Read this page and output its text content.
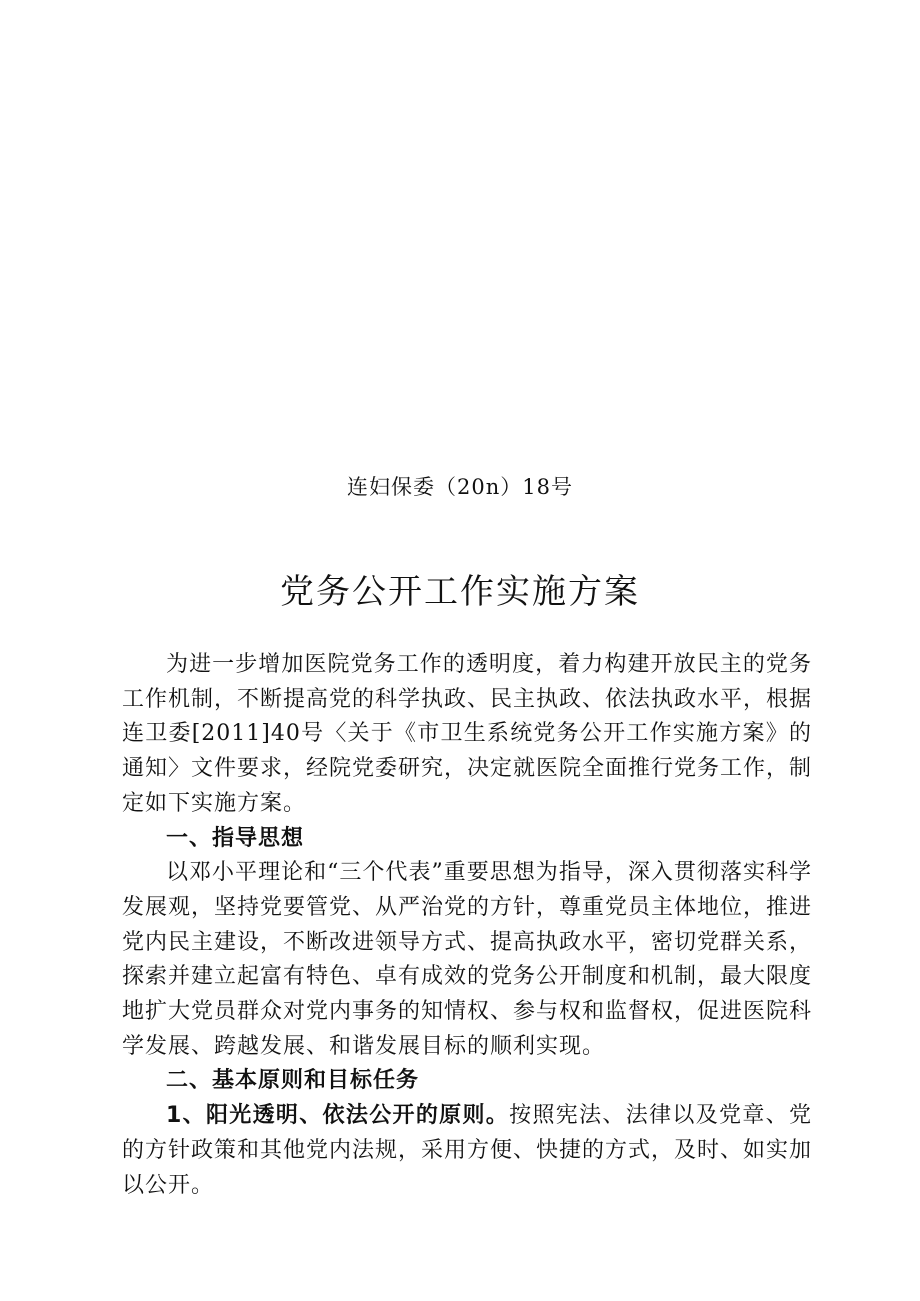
连妇保委（20n）18号
党务公开工作实施方案

为进一步增加医院党务工作的透明度，着力构建开放民主的党务工作机制，不断提高党的科学执政、民主执政、依法执政水平，根据连卫委[2011]40号〈关于《市卫生系统党务公开工作实施方案》的通知〉文件要求，经院党委研究，决定就医院全面推行党务工作，制定如下实施方案。

一、指导思想

以邓小平理论和“三个代表”重要思想为指导，深入贯彻落实科学发展观，坚持党要管党、从严治党的方针，尊重党员主体地位，推进党内民主建设，不断改进领导方式、提高执政水平，密切党群关系，探索并建立起富有特色、卓有成效的党务公开制度和机制，最大限度地扩大党员群众对党内事务的知情权、参与权和监督权，促进医院科学发展、跨越发展、和谐发展目标的顺利实现。

二、基本原则和目标任务

1、阳光透明、依法公开的原则。按照宪法、法律以及党章、党的方针政策和其他党内法规，采用方便、快捷的方式，及时、如实加以公开。
